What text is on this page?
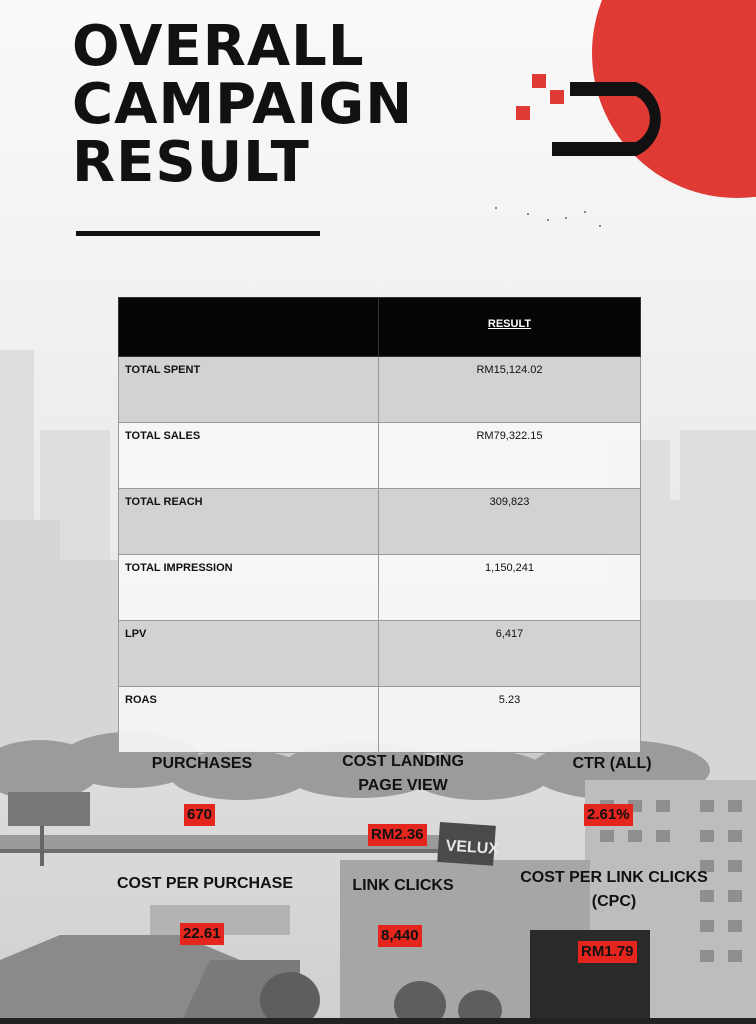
VELUX
OVERALL
CAMPAIGN
RESULT

	RESULT

TOTAL SPENT	RM15,124.02
TOTAL SALES	RM79,322.15
TOTAL REACH	309,823
TOTAL IMPRESSION	1,150,241
LPV	6,417
ROAS	5.23
PURCHASES
670
COST LANDING
PAGE VIEW
RM2.36
CTR (ALL)
2.61%
COST PER PURCHASE
22.61
LINK CLICKS
8,440
COST PER LINK CLICKS
(CPC)
RM1.79
